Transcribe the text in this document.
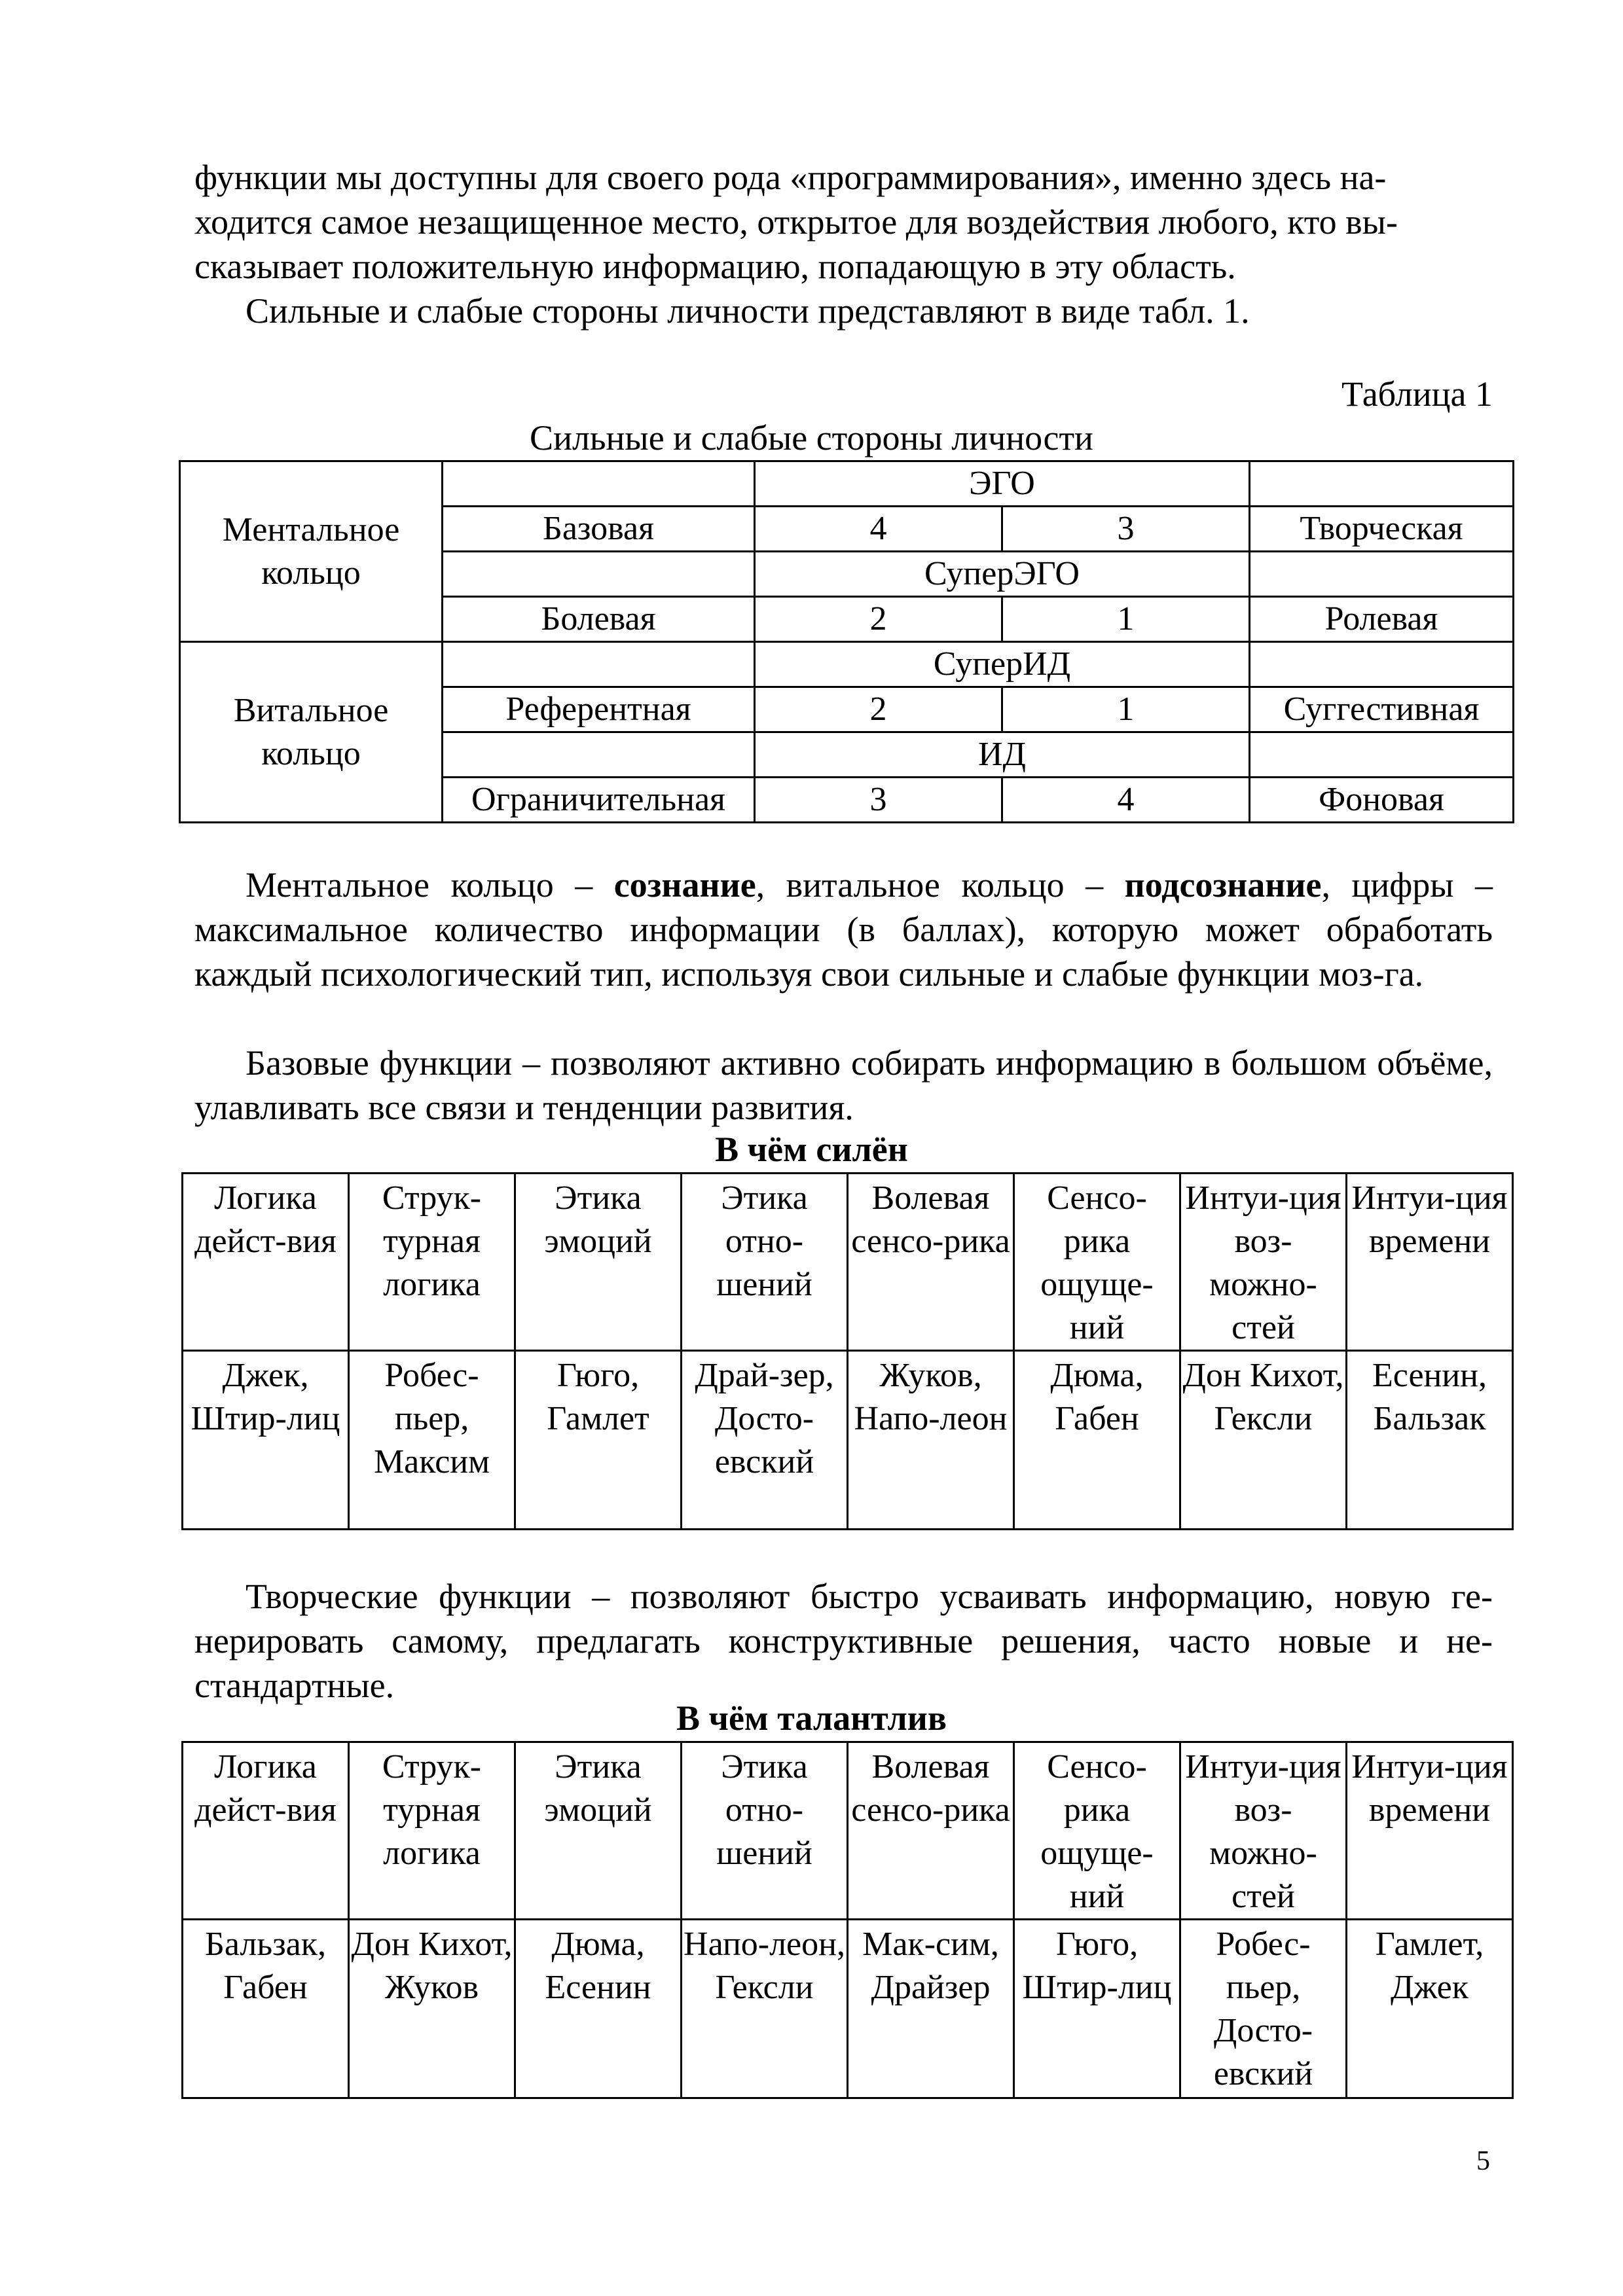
функции мы доступны для своего рода «программирования», именно здесь на-
ходится самое незащищенное место, открытое для воздействия любого, кто вы-
сказывает положительную информацию, попадающую в эту область.

Сильные и слабые стороны личности представляют в виде табл. 1.

Таблица 1
Сильные и слабые стороны личности
Ментальное кольцо		ЭГО		
	Базовая	4	3	Творческая
		СуперЭГО		
	Болевая	2	1	Ролевая
Витальное кольцо		СуперИД		
	Референтная	2	1	Суггестивная
		ИД		
	Ограничительная	3	4	Фоновая

Ментальное кольцо – сознание, витальное кольцо – подсознание, цифры – максимальное количество информации (в баллах), которую может обработать каждый психологический тип, используя свои сильные и слабые функции моз-га.

Базовые функции – позволяют активно собирать информацию в большом объёме, улавливать все связи и тенденции развития.

В чём силён
Логика дейст-вия	Струк-турная логика	Этика эмоций	Этика отно-шений	Волевая сенсо-рика	Сенсо-рика ощуще-ний	Интуи-ция воз-можно-стей	Интуи-ция времени
Джек, Штир-лиц	Робес-пьер, Максим	Гюго, Гамлет	Драй-зер, Досто-евский	Жуков, Напо-леон	Дюма, Габен	Дон Кихот, Гексли	Есенин, Бальзак

Творческие функции – позволяют быстро усваивать информацию, новую ге-нерировать самому, предлагать конструктивные решения, часто новые и не-стандартные.

В чём талантлив
Логика дейст-вия	Струк-турная логика	Этика эмоций	Этика отно-шений	Волевая сенсо-рика	Сенсо-рика ощуще-ний	Интуи-ция воз-можно-стей	Интуи-ция времени
Бальзак, Габен	Дон Кихот, Жуков	Дюма, Есенин	Напо-леон, Гексли	Мак-сим, Драйзер	Гюго, Штир-лиц	Робес-пьер, Досто-евский	Гамлет, Джек
5
